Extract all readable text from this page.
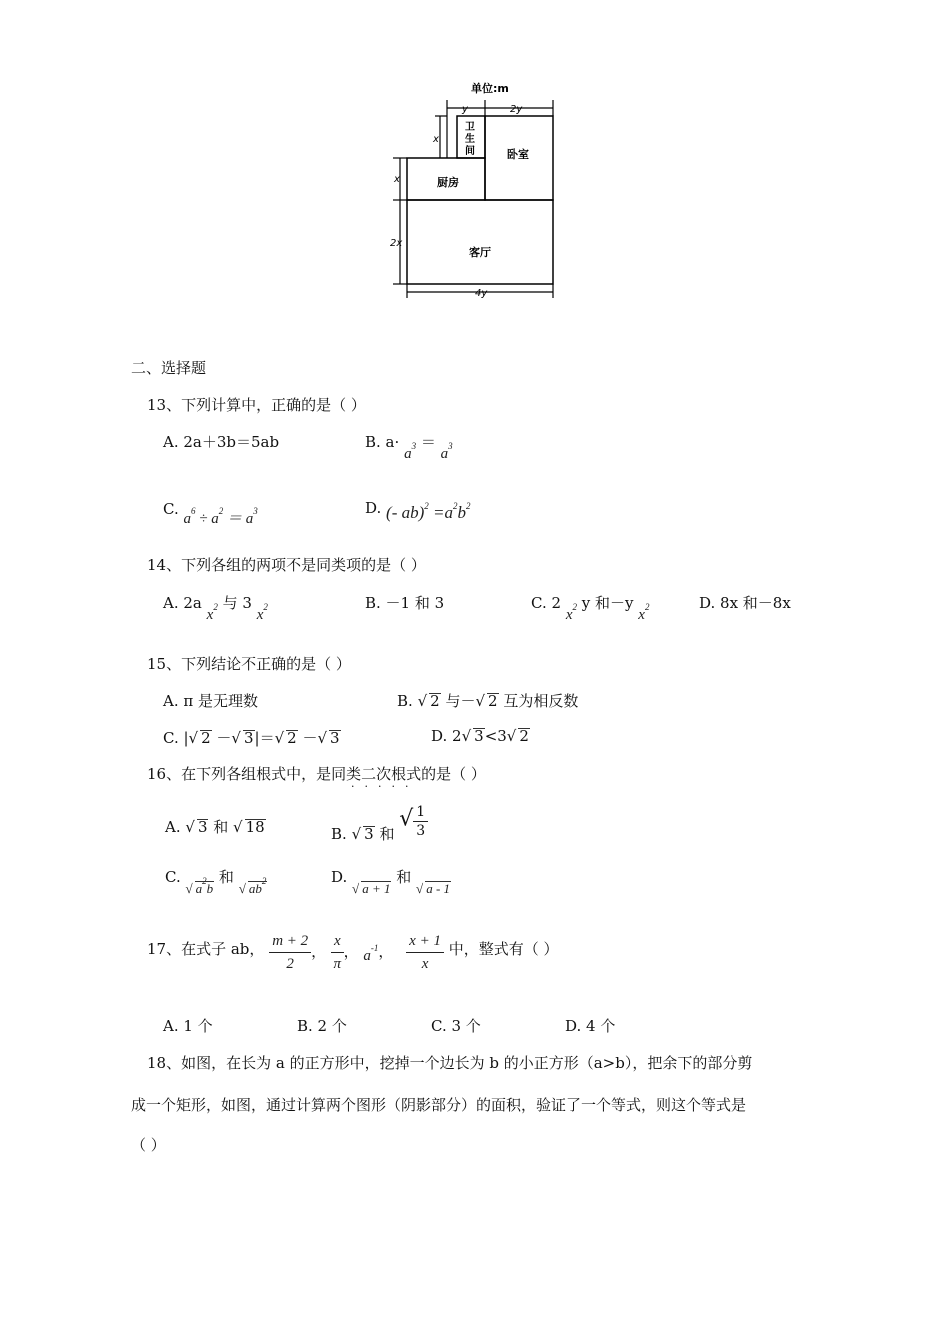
单位:m
y	2y
x
x
2x
4y
卫
生
间	卧室
厨房
客厅
二、选择题
13、下列计算中，正确的是（ ）
A. 2a＋3b＝5ab	B. $a\cdot a^3 = a^3$
C. $a^6 \div a^2 = a^3$	D. (- $ab)^2 =a^2b^2$
14、下列各组的两项不是同类项的是（ ）
A. 2a $x^2$ 与 3 $x^2$	B. －1 和 3	C. 2 $x^2$ y 和－y $x^2$	D. 8x 和－8x
15、下列结论不正确的是（ ）
A. π 是无理数	B. √ 2 与－√ 2 互为相反数
C. |√ 2 －√ 3|＝√ 2 －√ 3	D. 2√ 3<3√ 2
16、在下列各组根式中，是同类二次根式的是（ ）
·····
A. √ 3 和 √ 18	B. √ 3 和 √ $\frac{1}{3}$
C. √ $a^2b$ 和 √ $ab^2$	D. √ a + 1 和 √ a - 1
17、在式子 ab， $\frac{m + 2}{2}$ ， $\frac{x}{\pi}$ ， $a^{-1}$， $\frac{x + 1}{x}$ 中，整式有（ ）
A. 1 个	B. 2 个	C. 3 个	D. 4 个
18、如图，在长为 a 的正方形中，挖掉一个边长为 b 的小正方形（a>b），把余下的部分剪
成一个矩形，如图，通过计算两个图形（阴影部分）的面积，验证了一个等式，则这个等式是
（ ）
